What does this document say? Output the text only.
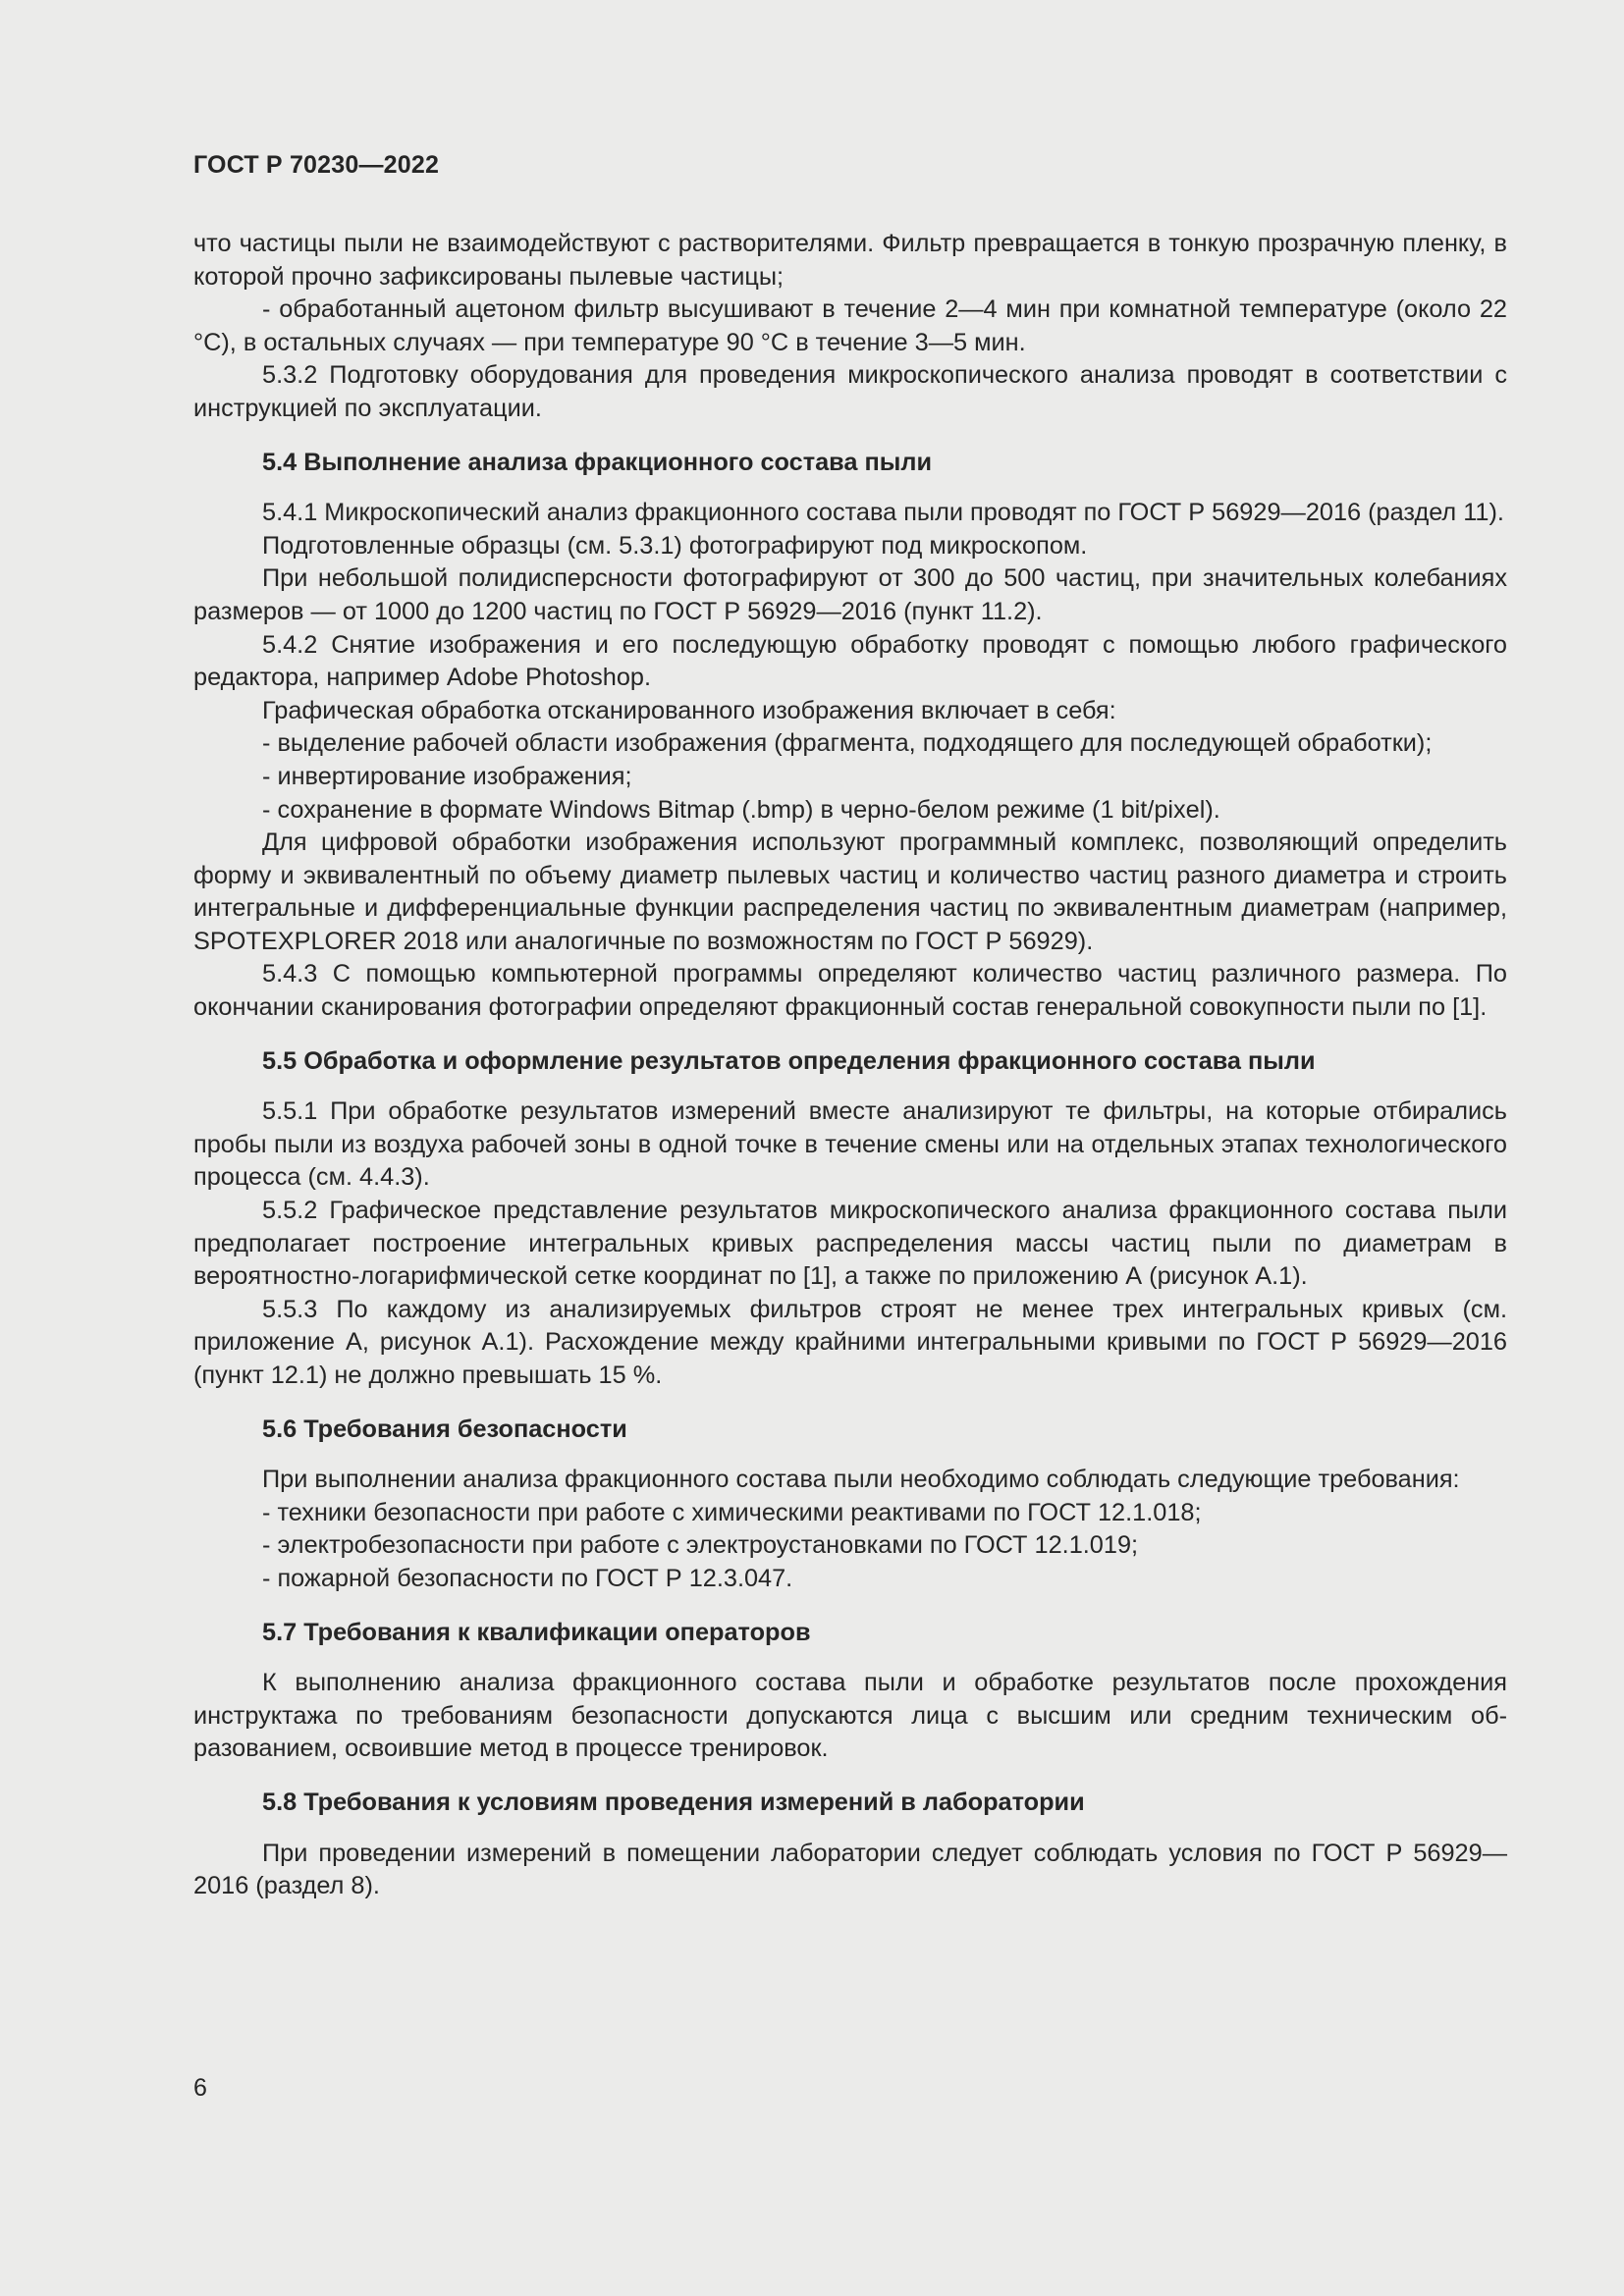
ГОСТ Р 70230—2022

что частицы пыли не взаимодействуют с растворителями. Фильтр превращается в тонкую прозрачную пленку, в которой прочно зафиксированы пылевые частицы;

- обработанный ацетоном фильтр высушивают в течение 2—4 мин при комнатной температуре (около 22 °С), в остальных случаях — при температуре 90 °С в течение 3—5 мин.

5.3.2 Подготовку оборудования для проведения микроскопического анализа проводят в соответствии с инструкцией по эксплуатации.

5.4 Выполнение анализа фракционного состава пыли

5.4.1 Микроскопический анализ фракционного состава пыли проводят по ГОСТ Р 56929—2016 (раздел 11).

Подготовленные образцы (см. 5.3.1) фотографируют под микроскопом.

При небольшой полидисперсности фотографируют от 300 до 500 частиц, при значительных колебаниях размеров — от 1000 до 1200 частиц по ГОСТ Р 56929—2016 (пункт 11.2).

5.4.2 Снятие изображения и его последующую обработку проводят с помощью любого графического редактора, например Adobe Photoshop.

Графическая обработка отсканированного изображения включает в себя:

- выделение рабочей области изображения (фрагмента, подходящего для последующей обработки);

- инвертирование изображения;

- сохранение в формате Windows Bitmap (.bmp) в черно-белом режиме (1 bit/pixel).

Для цифровой обработки изображения используют программный комплекс, позволяющий определить форму и эквивалентный по объему диаметр пылевых частиц и количество частиц разного диаметра и строить интегральные и дифференциальные функции распределения частиц по эквивалентным диаметрам (например, SPOTEXPLORER 2018 или аналогичные по возможностям по ГОСТ Р 56929).

5.4.3 С помощью компьютерной программы определяют количество частиц различного размера. По окончании сканирования фотографии определяют фракционный состав генеральной совокупности пыли по [1].

5.5 Обработка и оформление результатов определения фракционного состава пыли

5.5.1 При обработке результатов измерений вместе анализируют те фильтры, на которые отбирались пробы пыли из воздуха рабочей зоны в одной точке в течение смены или на отдельных этапах технологического процесса (см. 4.4.3).

5.5.2 Графическое представление результатов микроскопического анализа фракционного состава пыли предполагает построение интегральных кривых распределения массы частиц пыли по диаметрам в вероятностно-логарифмической сетке координат по [1], а также по приложению А (рисунок А.1).

5.5.3 По каждому из анализируемых фильтров строят не менее трех интегральных кривых (см. приложение А, рисунок А.1). Расхождение между крайними интегральными кривыми по ГОСТ Р 56929—2016 (пункт 12.1) не должно превышать 15 %.

5.6 Требования безопасности

При выполнении анализа фракционного состава пыли необходимо соблюдать следующие требования:

- техники безопасности при работе с химическими реактивами по ГОСТ 12.1.018;

- электробезопасности при работе с электроустановками по ГОСТ 12.1.019;

- пожарной безопасности по ГОСТ Р 12.3.047.

5.7 Требования к квалификации операторов

К выполнению анализа фракционного состава пыли и обработке результатов после прохождения инструктажа по требованиям безопасности допускаются лица с высшим или средним техническим образованием, освоившие метод в процессе тренировок.

5.8 Требования к условиям проведения измерений в лаборатории

При проведении измерений в помещении лаборатории следует соблюдать условия по ГОСТ Р 56929—2016 (раздел 8).

6
